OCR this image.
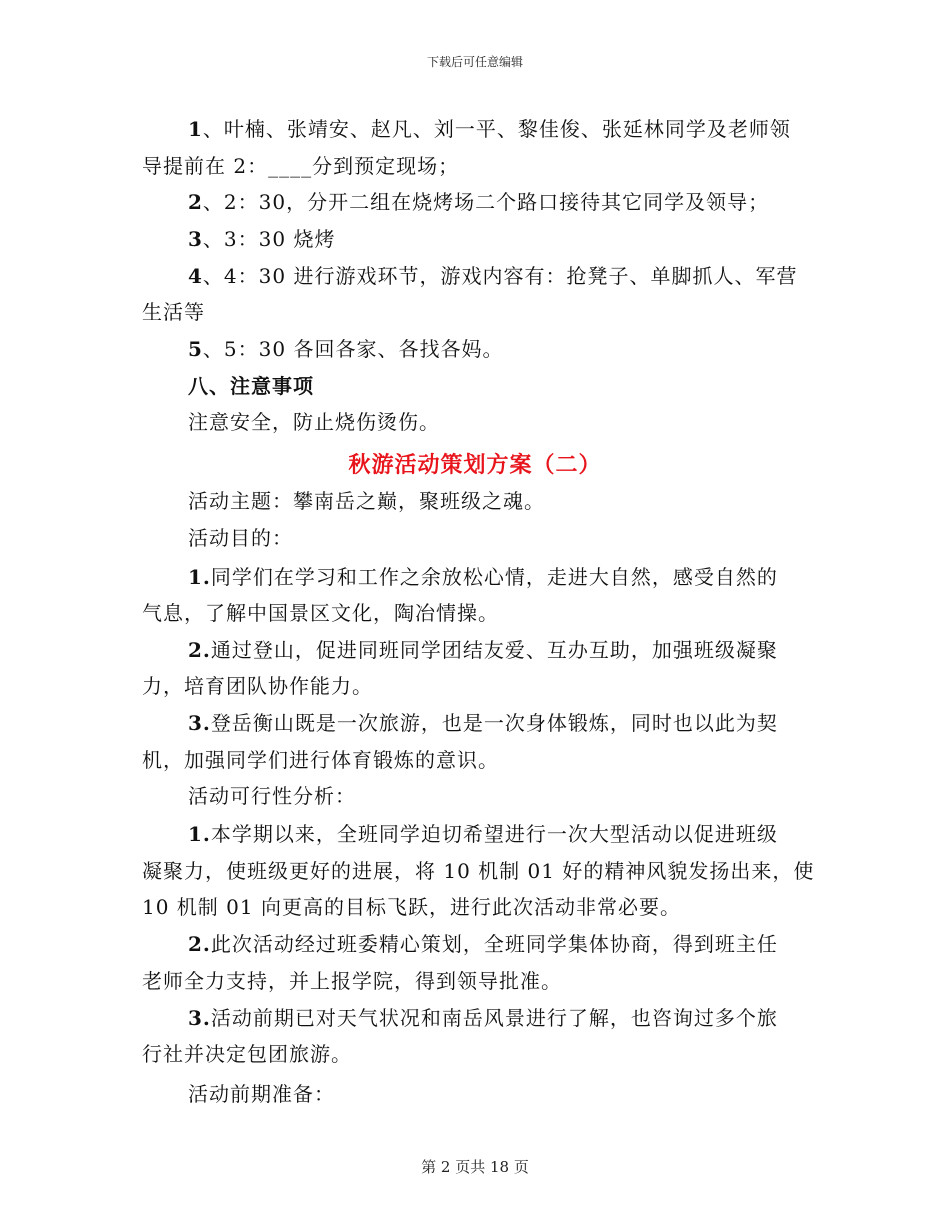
下载后可任意编辑
1、叶楠、张靖安、赵凡、刘一平、黎佳俊、张延林同学及老师领
导提前在 2：____分到预定现场；
2、2：30，分开二组在烧烤场二个路口接待其它同学及领导；
3、3：30 烧烤
4、4：30 进行游戏环节，游戏内容有：抢凳子、单脚抓人、军营
生活等
5、5：30 各回各家、各找各妈。
八、注意事项
注意安全，防止烧伤烫伤。
秋游活动策划方案（二）
活动主题：攀南岳之巅，聚班级之魂。
活动目的：
1.同学们在学习和工作之余放松心情，走进大自然，感受自然的
气息，了解中国景区文化，陶冶情操。
2.通过登山，促进同班同学团结友爱、互办互助，加强班级凝聚
力，培育团队协作能力。
3.登岳衡山既是一次旅游，也是一次身体锻炼，同时也以此为契
机，加强同学们进行体育锻炼的意识。
活动可行性分析：
1.本学期以来，全班同学迫切希望进行一次大型活动以促进班级
凝聚力，使班级更好的进展，将 10 机制 01 好的精神风貌发扬出来，使
10 机制 01 向更高的目标飞跃，进行此次活动非常必要。
2.此次活动经过班委精心策划，全班同学集体协商，得到班主任
老师全力支持，并上报学院，得到领导批准。
3.活动前期已对天气状况和南岳风景进行了解，也咨询过多个旅
行社并决定包团旅游。
活动前期准备：
第 2 页共 18 页
